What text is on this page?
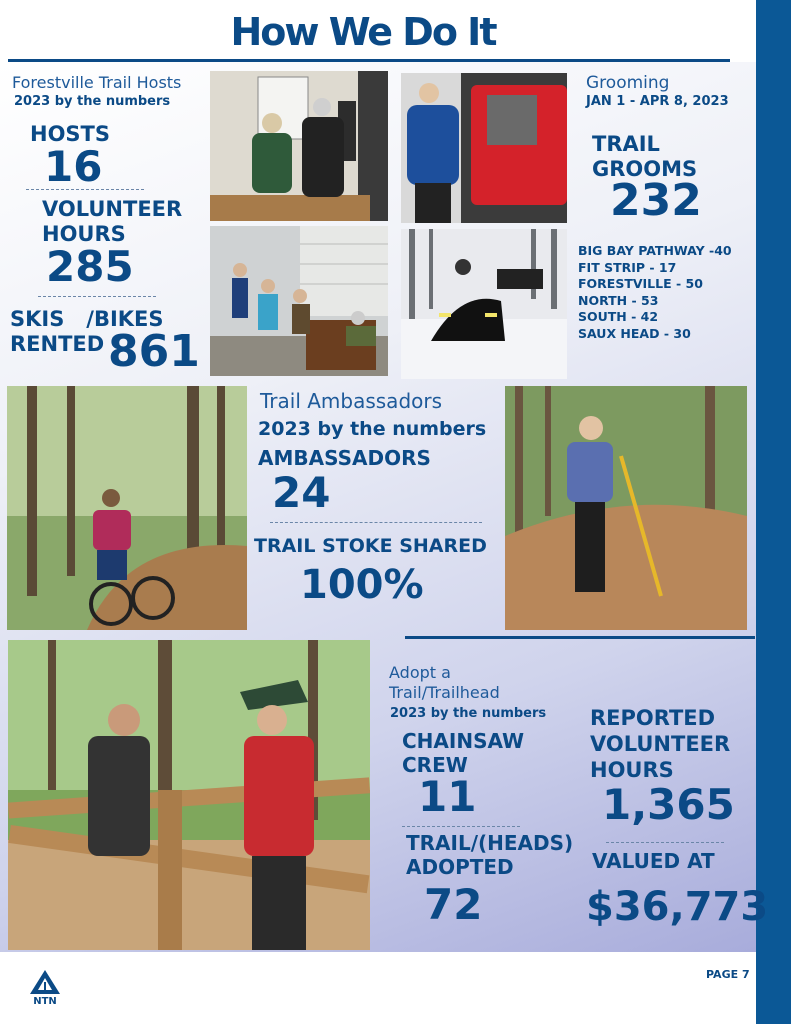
How We Do It
Forestville Trail Hosts
2023 by the numbers
HOSTS
16
VOLUNTEER
HOURS
285
SKIS   /BIKES
RENTED 861
Grooming
JAN 1 - APR 8, 2023
TRAIL
GROOMS
232
BIG BAY PATHWAY -40
FIT STRIP - 17
FORESTVILLE - 50
NORTH - 53
SOUTH - 42
SAUX HEAD - 30
Trail Ambassadors
2023 by the numbers
AMBASSADORS
24
TRAIL STOKE SHARED
100%
Adopt a
Trail/Trailhead
2023 by the numbers
CHAINSAW
CREW
11
TRAIL/(HEADS)
ADOPTED
72
REPORTED
VOLUNTEER
HOURS
1,365
VALUED AT
$36,773
PAGE 7
NTN
